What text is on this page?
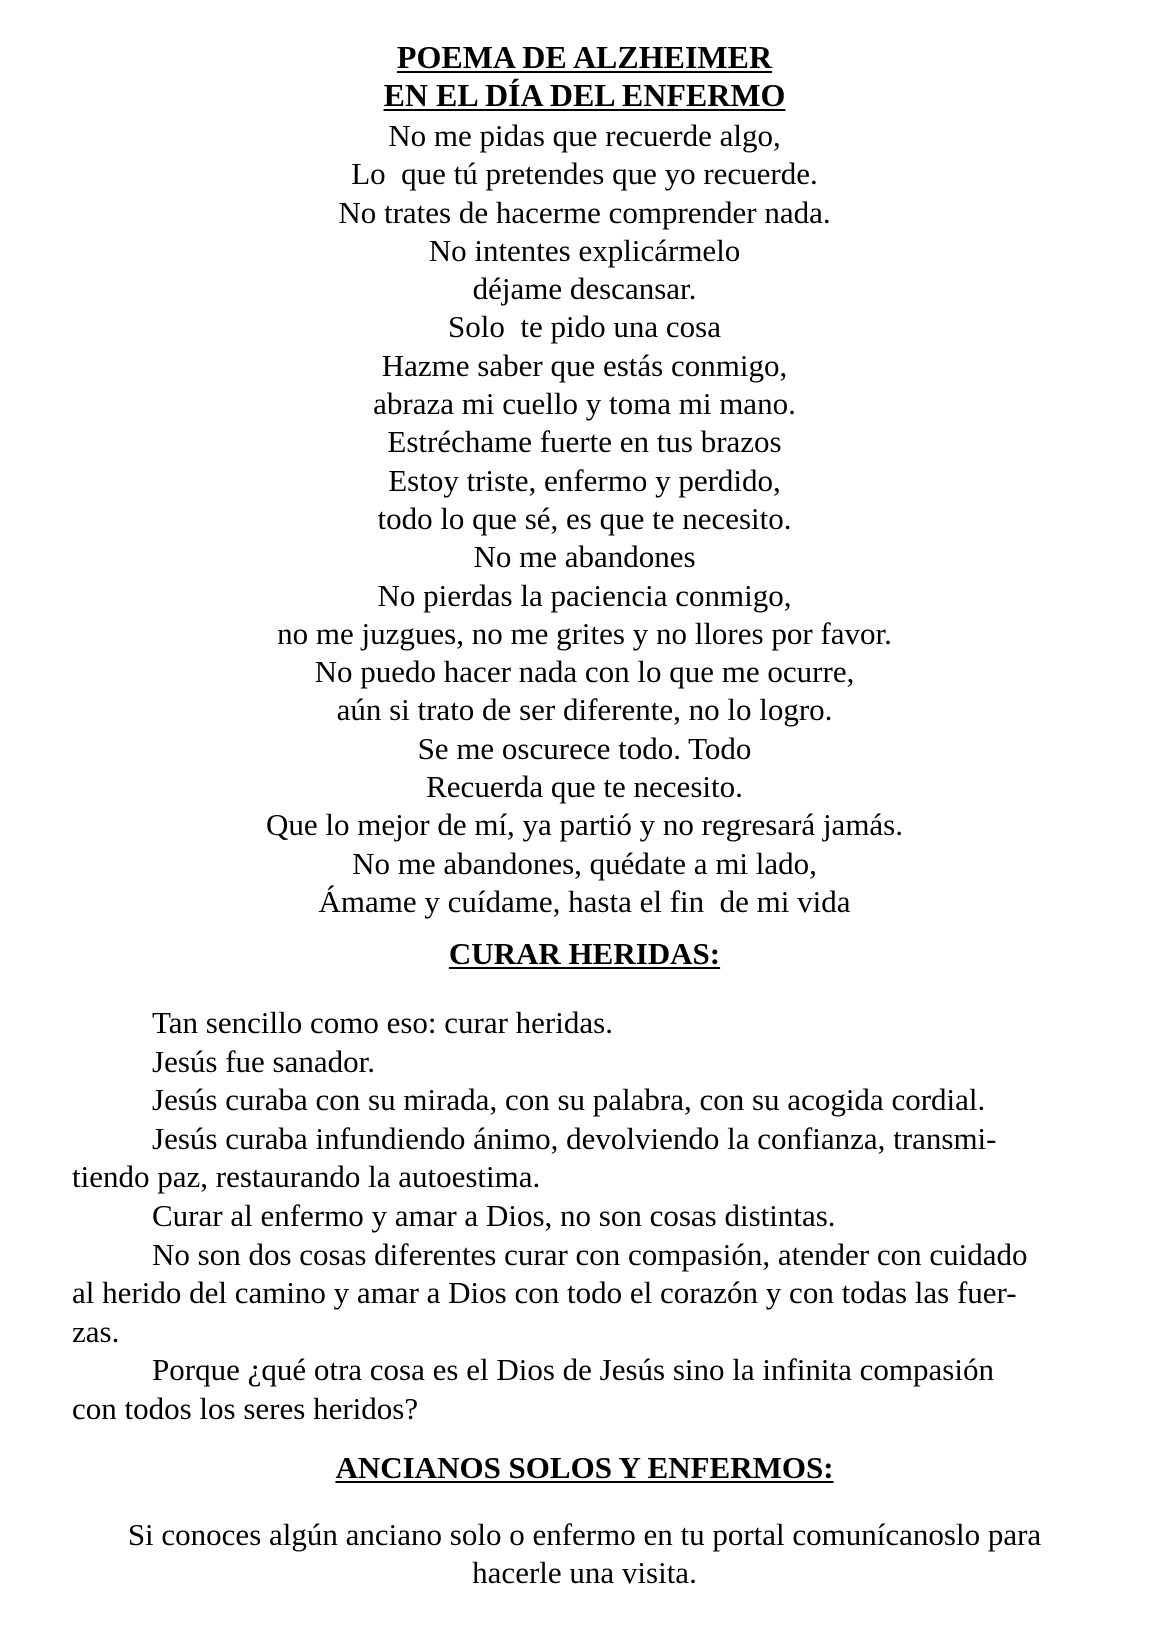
POEMA DE ALZHEIMER
EN EL DÍA DEL ENFERMO
No me pidas que recuerde algo,
Lo  que tú pretendes que yo recuerde.
No trates de hacerme comprender nada.
No intentes explicármelo
déjame descansar.
Solo  te pido una cosa
Hazme saber que estás conmigo,
abraza mi cuello y toma mi mano.
Estréchame fuerte en tus brazos
Estoy triste, enfermo y perdido,
todo lo que sé, es que te necesito.
No me abandones
No pierdas la paciencia conmigo,
no me juzgues, no me grites y no llores por favor.
No puedo hacer nada con lo que me ocurre,
aún si trato de ser diferente, no lo logro.
Se me oscurece todo. Todo
Recuerda que te necesito.
Que lo mejor de mí, ya partió y no regresará jamás.
No me abandones, quédate a mi lado,
Ámame y cuídame, hasta el fin  de mi vida
CURAR HERIDAS:
Tan sencillo como eso: curar heridas.
Jesús fue sanador.
Jesús curaba con su mirada, con su palabra, con su acogida cordial.
Jesús curaba infundiendo ánimo, devolviendo la confianza, transmi-
tiendo paz, restaurando la autoestima.
Curar al enfermo y amar a Dios, no son cosas distintas.
No son dos cosas diferentes curar con compasión, atender con cuidado
al herido del camino y amar a Dios con todo el corazón y con todas las fuer-
zas.
Porque ¿qué otra cosa es el Dios de Jesús sino la infinita compasión
con todos los seres heridos?
ANCIANOS SOLOS Y ENFERMOS:
Si conoces algún anciano solo o enfermo en tu portal comunícanoslo para
hacerle una visita.
